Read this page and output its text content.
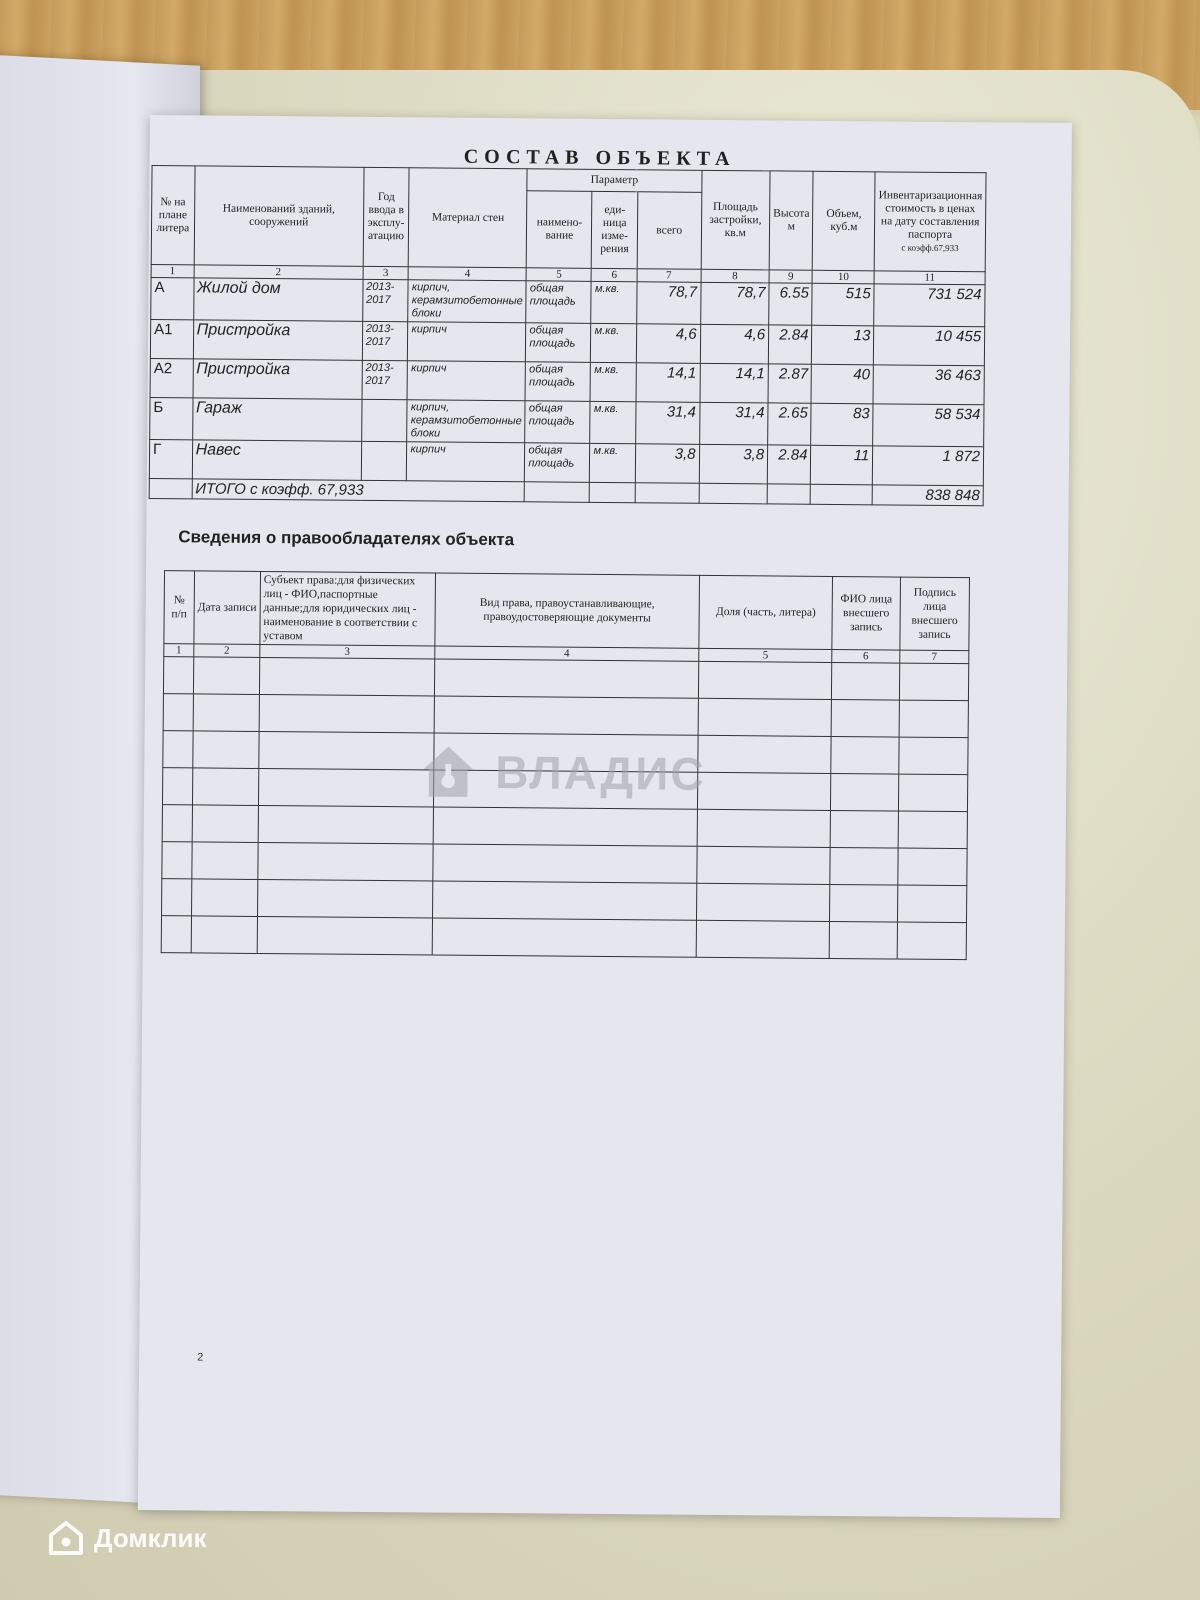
СОСТАВ ОБЪЕКТА
№ на плане литера	Наименований зданий, сооружений	Год ввода в эксплу-атацию	Материал стен	Параметр			Площадь застройки, кв.м	Высота м	Объем, куб.м	Инвентаризационная стоимость в ценах на дату составления паспорта
с коэфф.67,933
				наимено-вание	еди-ница изме-рения	всего				
1	2	3	4	5	6	7	8	9	10	11
А	Жилой дом	2013-2017	кирпич, керамзитобетонные блоки	общая площадь	м.кв.	78,7	78,7	6.55	515	731 524
А1	Пристройка	2013-2017	кирпич	общая площадь	м.кв.	4,6	4,6	2.84	13	10 455
А2	Пристройка	2013-2017	кирпич	общая площадь	м.кв.	14,1	14,1	2.87	40	36 463
Б	Гараж		кирпич, керамзитобетонные блоки	общая площадь	м.кв.	31,4	31,4	2.65	83	58 534
Г	Навес		кирпич	общая площадь	м.кв.	3,8	3,8	2.84	11	1 872
	ИТОГО с коэфф. 67,933									838 848
Сведения о правообладателях объекта
№ п/п	Дата записи	Субъект права:для физических лиц - ФИО,паспортные данные;для юридических лиц - наименование в соответствии с уставом	Вид права, правоустанавливающие, правоудостоверяющие документы	Доля (часть, литера)	ФИО лица внесшего запись	Подпись лица внесшего запись
1	2	3	4	5	6	7

ВЛАДИС
2
Домклик
